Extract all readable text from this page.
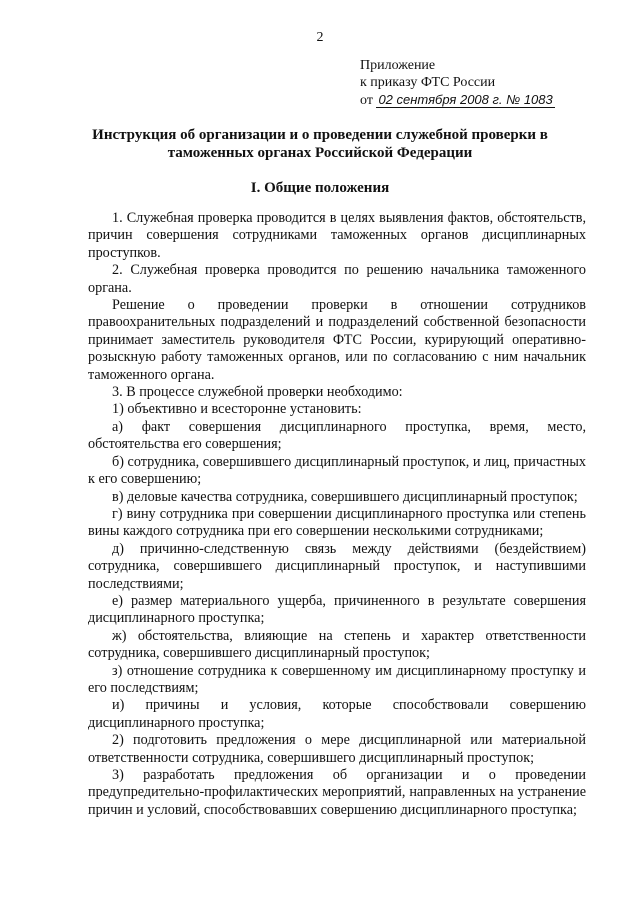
2
Приложение
к приказу ФТС России
от 02 сентября 2008 г. № 1083
Инструкция об организации и о проведении служебной проверки в таможенных органах Российской Федерации
I. Общие положения

1. Служебная проверка проводится в целях выявления фактов, обстоятельств, причин совершения сотрудниками таможенных органов дисциплинарных проступков.

2. Служебная проверка проводится по решению начальника таможенного органа.

Решение о проведении проверки в отношении сотрудников правоохранительных подразделений и подразделений собственной безопасности принимает заместитель руководителя ФТС России, курирующий оперативно-розыскную работу таможенных органов, или по согласованию с ним начальник таможенного органа.

3. В процессе служебной проверки необходимо:

1) объективно и всесторонне установить:

а) факт совершения дисциплинарного проступка, время, место, обстоятельства его совершения;

б) сотрудника, совершившего дисциплинарный проступок, и лиц, причастных к его совершению;

в) деловые качества сотрудника, совершившего дисциплинарный проступок;

г) вину сотрудника при совершении дисциплинарного проступка или степень вины каждого сотрудника при его совершении несколькими сотрудниками;

д) причинно-следственную связь между действиями (бездействием) сотрудника, совершившего дисциплинарный проступок, и наступившими последствиями;

е) размер материального ущерба, причиненного в результате совершения дисциплинарного проступка;

ж) обстоятельства, влияющие на степень и характер ответственности сотрудника, совершившего дисциплинарный проступок;

з) отношение сотрудника к совершенному им дисциплинарному проступку и его последствиям;

и) причины и условия, которые способствовали совершению дисциплинарного проступка;

2) подготовить предложения о мере дисциплинарной или материальной ответственности сотрудника, совершившего дисциплинарный проступок;

3) разработать предложения об организации и о проведении предупредительно-профилактических мероприятий, направленных на устранение причин и условий, способствовавших совершению дисциплинарного проступка;
